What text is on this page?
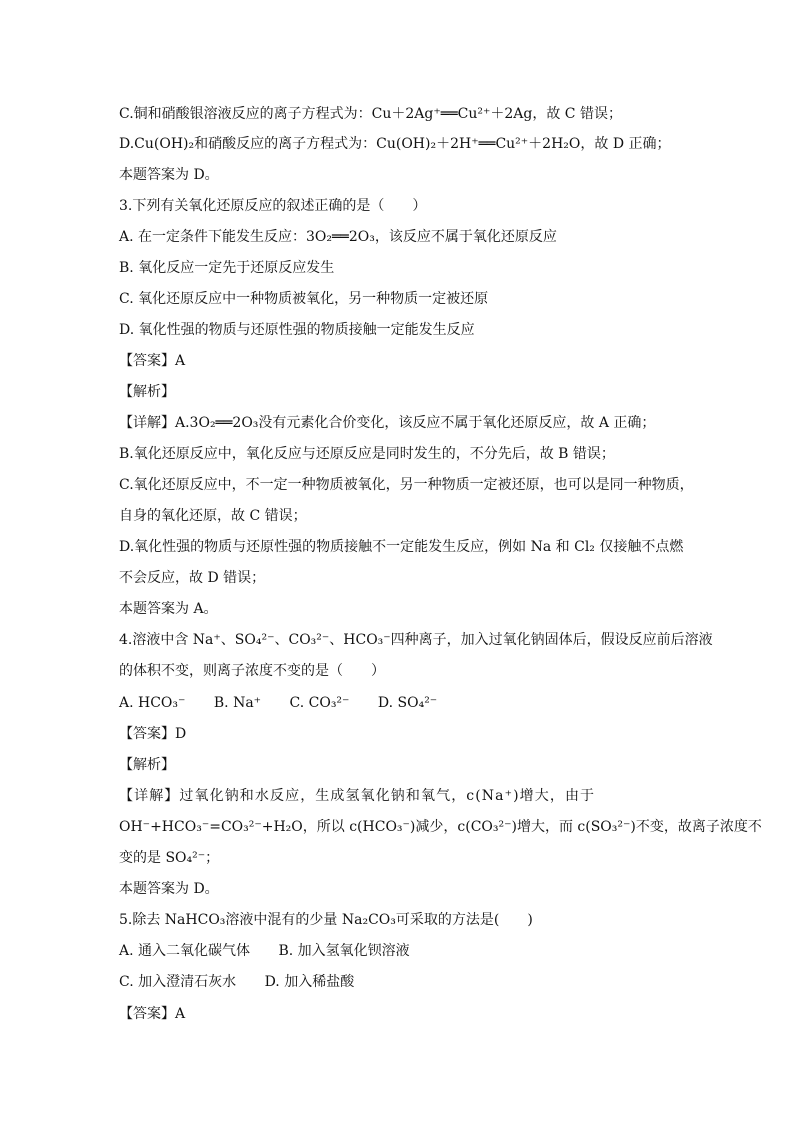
C.铜和硝酸银溶液反应的离子方程式为：Cu＋2Ag⁺══Cu²⁺＋2Ag，故 C 错误；
D.Cu(OH)₂和硝酸反应的离子方程式为：Cu(OH)₂＋2H⁺══Cu²⁺＋2H₂O，故 D 正确；
本题答案为 D。
3.下列有关氧化还原反应的叙述正确的是（　　）
A. 在一定条件下能发生反应：3O₂══2O₃，该反应不属于氧化还原反应
B. 氧化反应一定先于还原反应发生
C. 氧化还原反应中一种物质被氧化，另一种物质一定被还原
D. 氧化性强的物质与还原性强的物质接触一定能发生反应
【答案】A
【解析】
【详解】A.3O₂══2O₃没有元素化合价变化，该反应不属于氧化还原反应，故 A 正确；
B.氧化还原反应中，氧化反应与还原反应是同时发生的，不分先后，故 B 错误；
C.氧化还原反应中，不一定一种物质被氧化，另一种物质一定被还原，也可以是同一种物质，
自身的氧化还原，故 C 错误；
D.氧化性强的物质与还原性强的物质接触不一定能发生反应，例如 Na 和 Cl₂ 仅接触不点燃
不会反应，故 D 错误；
本题答案为 A。
4.溶液中含 Na⁺、SO₄²⁻、CO₃²⁻、HCO₃⁻四种离子，加入过氧化钠固体后，假设反应前后溶液
的体积不变，则离子浓度不变的是（　　）
A. HCO₃⁻ B. Na⁺ C. CO₃²⁻ D. SO₄²⁻
【答案】D
【解析】
【详解】过氧化钠和水反应，生成氢氧化钠和氧气，c(Na⁺)增大，由于
OH⁻+HCO₃⁻=CO₃²⁻+H₂O，所以 c(HCO₃⁻)减少，c(CO₃²⁻)增大，而 c(SO₃²⁻)不变，故离子浓度不
变的是 SO₄²⁻；
本题答案为 D。
5.除去 NaHCO₃溶液中混有的少量 Na₂CO₃可采取的方法是(　　)
A. 通入二氧化碳气体 B. 加入氢氧化钡溶液
C. 加入澄清石灰水 D. 加入稀盐酸
【答案】A
